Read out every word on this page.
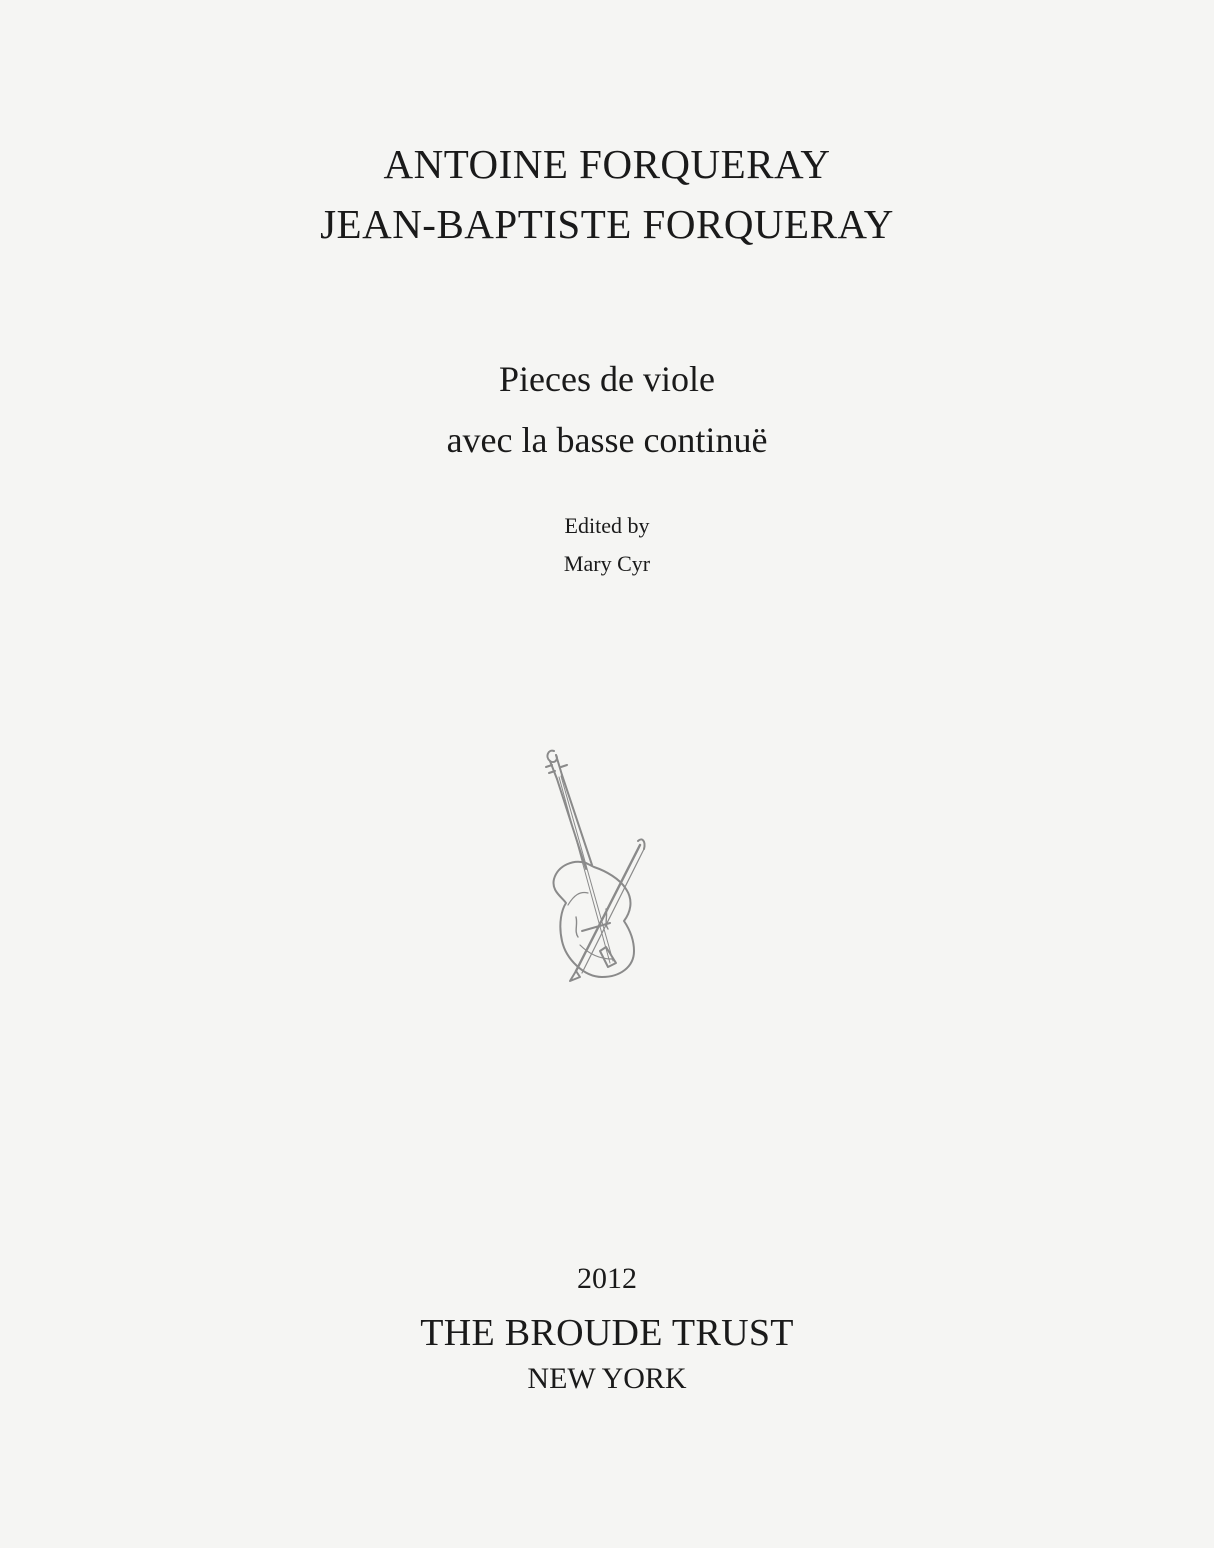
ANTOINE FORQUERAY
JEAN-BAPTISTE FORQUERAY
Pieces de viole
avec la basse continuë
Edited by
Mary Cyr
2012
THE BROUDE TRUST
NEW YORK
